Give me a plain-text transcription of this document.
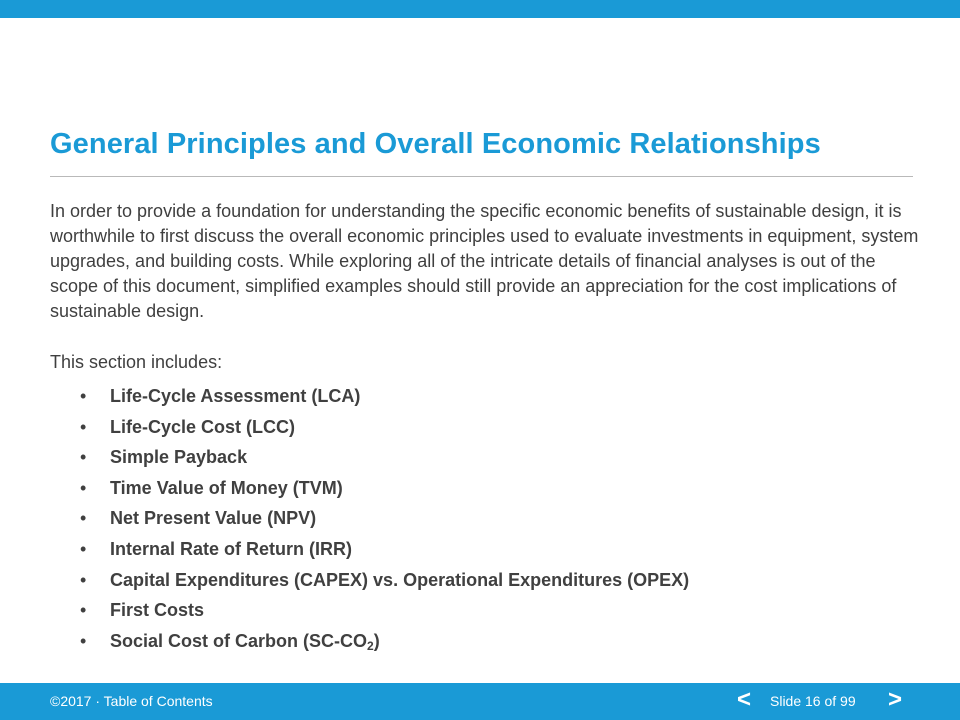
General Principles and Overall Economic Relationships

In order to provide a foundation for understanding the specific economic benefits of sustainable design, it is worthwhile to first discuss the overall economic principles used to evaluate investments in equipment, system upgrades, and building costs. While exploring all of the intricate details of financial analyses is out of the scope of this document, simplified examples should still provide an appreciation for the cost implications of sustainable design.

This section includes:

• Life-Cycle Assessment (LCA)
• Life-Cycle Cost (LCC)
• Simple Payback
• Time Value of Money (TVM)
• Net Present Value (NPV)
• Internal Rate of Return (IRR)
• Capital Expenditures (CAPEX) vs. Operational Expenditures (OPEX)
• First Costs
• Social Cost of Carbon (SC-CO2)
©2017 · Table of Contents	< Slide 16 of 99 >
